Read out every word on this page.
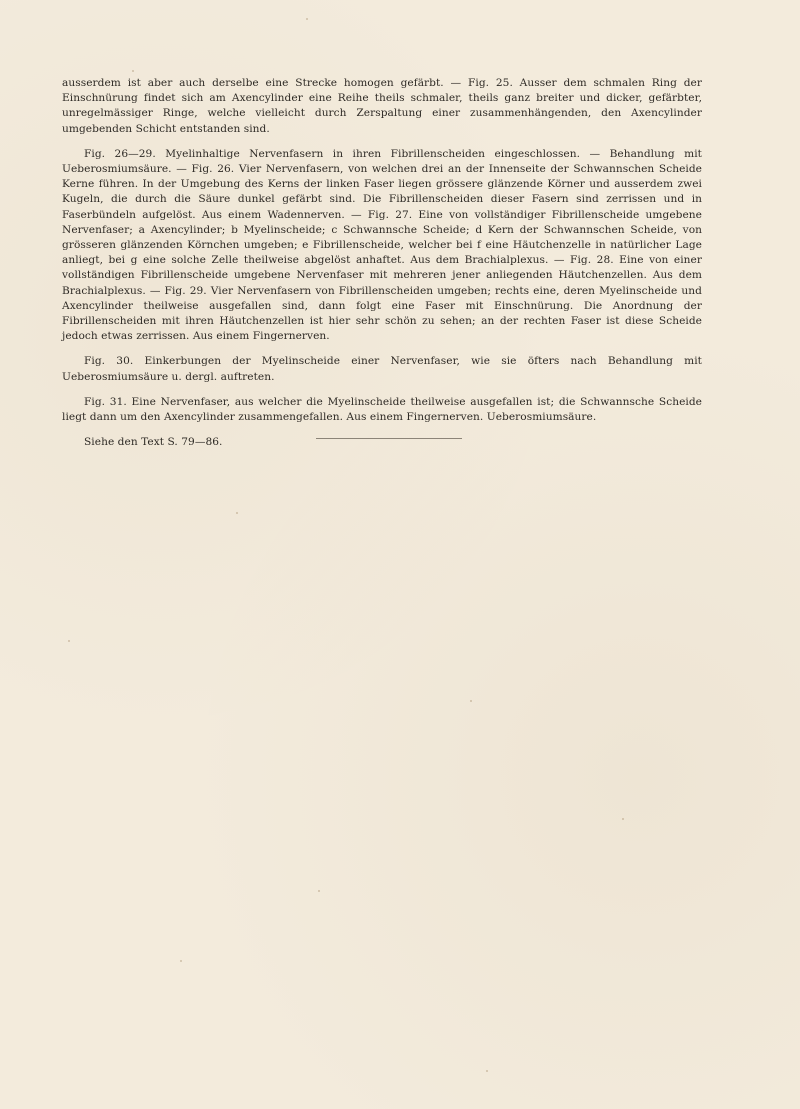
ausserdem ist aber auch derselbe eine Strecke homogen gefärbt. — Fig. 25. Ausser dem schmalen Ring der Einschnürung findet sich am Axencylinder eine Reihe theils schmaler, theils ganz breiter und dicker, gefärbter, unregelmässiger Ringe, welche vielleicht durch Zerspaltung einer zusammenhängenden, den Axencylinder umgebenden Schicht entstanden sind.

Fig. 26—29. Myelinhaltige Nervenfasern in ihren Fibrillenscheiden eingeschlossen. — Behandlung mit Ueberosmiumsäure. — Fig. 26. Vier Nervenfasern, von welchen drei an der Innenseite der Schwannschen Scheide Kerne führen. In der Umgebung des Kerns der linken Faser liegen grössere glänzende Körner und ausserdem zwei Kugeln, die durch die Säure dunkel gefärbt sind. Die Fibrillenscheiden dieser Fasern sind zerrissen und in Faserbündeln aufgelöst. Aus einem Wadennerven. — Fig. 27. Eine von vollständiger Fibrillenscheide umgebene Nervenfaser; a Axencylinder; b Myelinscheide; c Schwannsche Scheide; d Kern der Schwannschen Scheide, von grösseren glänzenden Körnchen umgeben; e Fibrillenscheide, welcher bei f eine Häutchenzelle in natürlicher Lage anliegt, bei g eine solche Zelle theilweise abgelöst anhaftet. Aus dem Brachialplexus. — Fig. 28. Eine von einer vollständigen Fibrillenscheide umgebene Nervenfaser mit mehreren jener anliegenden Häutchenzellen. Aus dem Brachialplexus. — Fig. 29. Vier Nervenfasern von Fibrillenscheiden umgeben; rechts eine, deren Myelinscheide und Axencylinder theilweise ausgefallen sind, dann folgt eine Faser mit Einschnürung. Die Anordnung der Fibrillenscheiden mit ihren Häutchenzellen ist hier sehr schön zu sehen; an der rechten Faser ist diese Scheide jedoch etwas zerrissen. Aus einem Fingernerven.

Fig. 30. Einkerbungen der Myelinscheide einer Nervenfaser, wie sie öfters nach Behandlung mit Ueberosmiumsäure u. dergl. auftreten.

Fig. 31. Eine Nervenfaser, aus welcher die Myelinscheide theilweise ausgefallen ist; die Schwannsche Scheide liegt dann um den Axencylinder zusammengefallen. Aus einem Fingernerven. Ueberosmiumsäure.

Siehe den Text S. 79—86.
